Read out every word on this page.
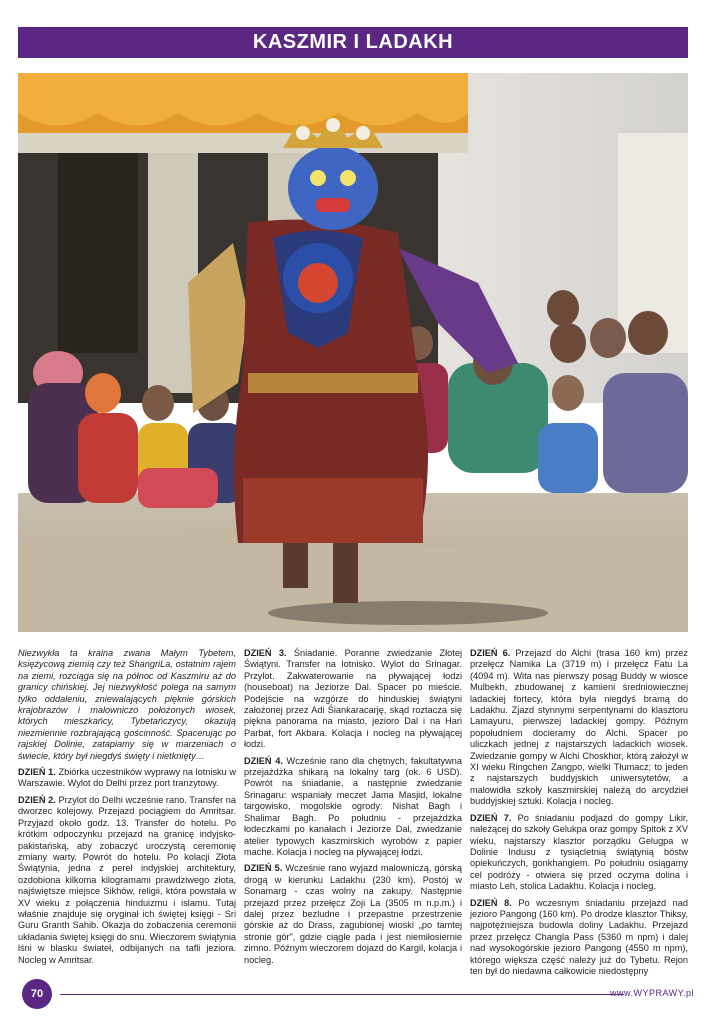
KASZMIR I LADAKH

Niezwykła ta kraina zwana Małym Tybetem, księżycową ziemią czy też ShangriLa, ostatnim rajem na ziemi, rozciąga się na północ od Kaszmiru aż do granicy chińskiej. Jej niezwykłość polega na samym tylko oddaleniu, zniewalających pięknie górskich krajobrazów i malowniczo położonych wiosek, których mieszkańcy, Tybetańczycy, okazują niezmiennie rozbrajającą gościnność. Spacerując po rajskiej Dolinie, zatapiamy się w marzeniach o świecie, który był niegdyś święty i nietknięty…

DZIEŃ 1. Zbiórka uczestników wyprawy na lotnisku w Warszawie. Wylot do Delhi przez port tranzytowy.

DZIEŃ 2. Przylot do Delhi wcześnie rano. Transfer na dworzec kolejowy. Przejazd pociągiem do Amritsar. Przyjazd około godz. 13. Transfer do hotelu. Po krótkim odpoczynku przejazd na granicę indyjsko-pakistańską, aby zobaczyć uroczystą ceremonię zmiany warty. Powrót do hotelu. Po kolacji Złota Świątynia, jedna z pereł indyjskiej architektury, ozdobiona kilkoma kilogramami prawdziwego złota, najświętsze miejsce Sikhów, religii, która powstała w XV wieku z połączenia hinduizmu i islamu. Tutaj właśnie znajduje się oryginał ich świętej księgi - Sri Guru Granth Sahib. Okazja do zobaczenia ceremonii układania świętej księgi do snu. Wieczorem świątynia lśni w blasku świateł, odbijanych na tafli jeziora. Nocleg w Amritsar.

DZIEŃ 3. Śniadanie. Poranne zwiedzanie Złotej Świątyni. Transfer na lotnisko. Wylot do Srinagar. Przylot. Zakwaterowanie na pływającej łodzi (houseboat) na Jeziorze Dal. Spacer po mieście. Podejście na wzgórze do hinduskiej świątyni założonej przez Adi Śiankaracarję, skąd roztacza się piękna panorama na miasto, jezioro Dal i na Hari Parbat, fort Akbara. Kolacja i nocleg na pływającej łodzi.

DZIEŃ 4. Wcześnie rano dla chętnych, fakultatywna przejażdżka shikarą na lokalny targ (ok. 6 USD). Powrót na śniadanie, a następnie zwiedzanie Srinagaru: wspaniały meczet Jama Masjid, lokalne targowisko, mogolskie ogrody: Nishat Bagh i Shalimar Bagh. Po południu - przejażdżka łodeczkami po kanałach i Jeziorze Dal, zwiedzanie atelier typowych kaszmirskich wyrobów z papier mache. Kolacja i nocleg na pływającej łodzi.

DZIEŃ 5. Wcześnie rano wyjazd malowniczą, górską drogą w kierunku Ladakhu (230 km). Postój w Sonamarg - czas wolny na zakupy. Następnie przejazd przez przełęcz Zoji La (3505 m n.p.m.) i dalej przez bezludne i przepastne przestrzenie górskie aż do Drass, zagubionej wioski „po tamtej stronie gór", gdzie ciągle pada i jest niemiłosiernie zimno. Późnym wieczorem dojazd do Kargil, kolacja i nocleg.

DZIEŃ 6. Przejazd do Alchi (trasa 160 km) przez przełęcz Namika La (3719 m) i przełęcz Fatu La (4094 m). Wita nas pierwszy posąg Buddy w wiosce Mulbekh, zbudowanej z kamieni średniowiecznej ladackiej fortecy, która była niegdyś bramą do Ladakhu. Zjazd stynnymi serpentynami do klasztoru Lamayuru, pierwszej ladackiej gompy. Późnym popołudniem docieramy do Alchi. Spacer po uliczkach jednej z najstarszych ladackich wiosek. Zwiedzanie gompy w Alchi Choskhor, którą założył w XI wieku Ringchen Zangpo, wielki Tłumacz; to jeden z najstarszych buddyjskich uniwersytetów, a malowidła szkoły kaszmirskiej należą do arcydzieł buddyjskiej sztuki. Kolacja i nocleg.

DZIEŃ 7. Po śniadaniu podjazd do gompy Likir, należącej do szkoły Gelukpa oraz gompy Spitok z XV wieku, najstarszy klasztor porządku Gelugpa w Dolinie Indusu z tysiącletnią świątynią bóstw opiekuńczych, gonkhangiem. Po południu osiągamy cel podróży - otwiera się przed oczyma dolina i miasto Leh, stolica Ladakhu. Kolacja i nocleg.

DZIEŃ 8. Po wczesnym śniadaniu przejazd nad jezioro Pangong (160 km). Po drodze klasztor Thiksy, najpotężniejsza budowla doliny Ladakhu. Przejazd przez przełęcz Changla Pass (5360 m npm) i dalej nad wysokogórskie jezioro Pangong (4550 m npm), którego większa część należy już do Tybetu. Rejon ten był do niedawna całkowicie niedostępny

70	www.WYPRAWY.pl
